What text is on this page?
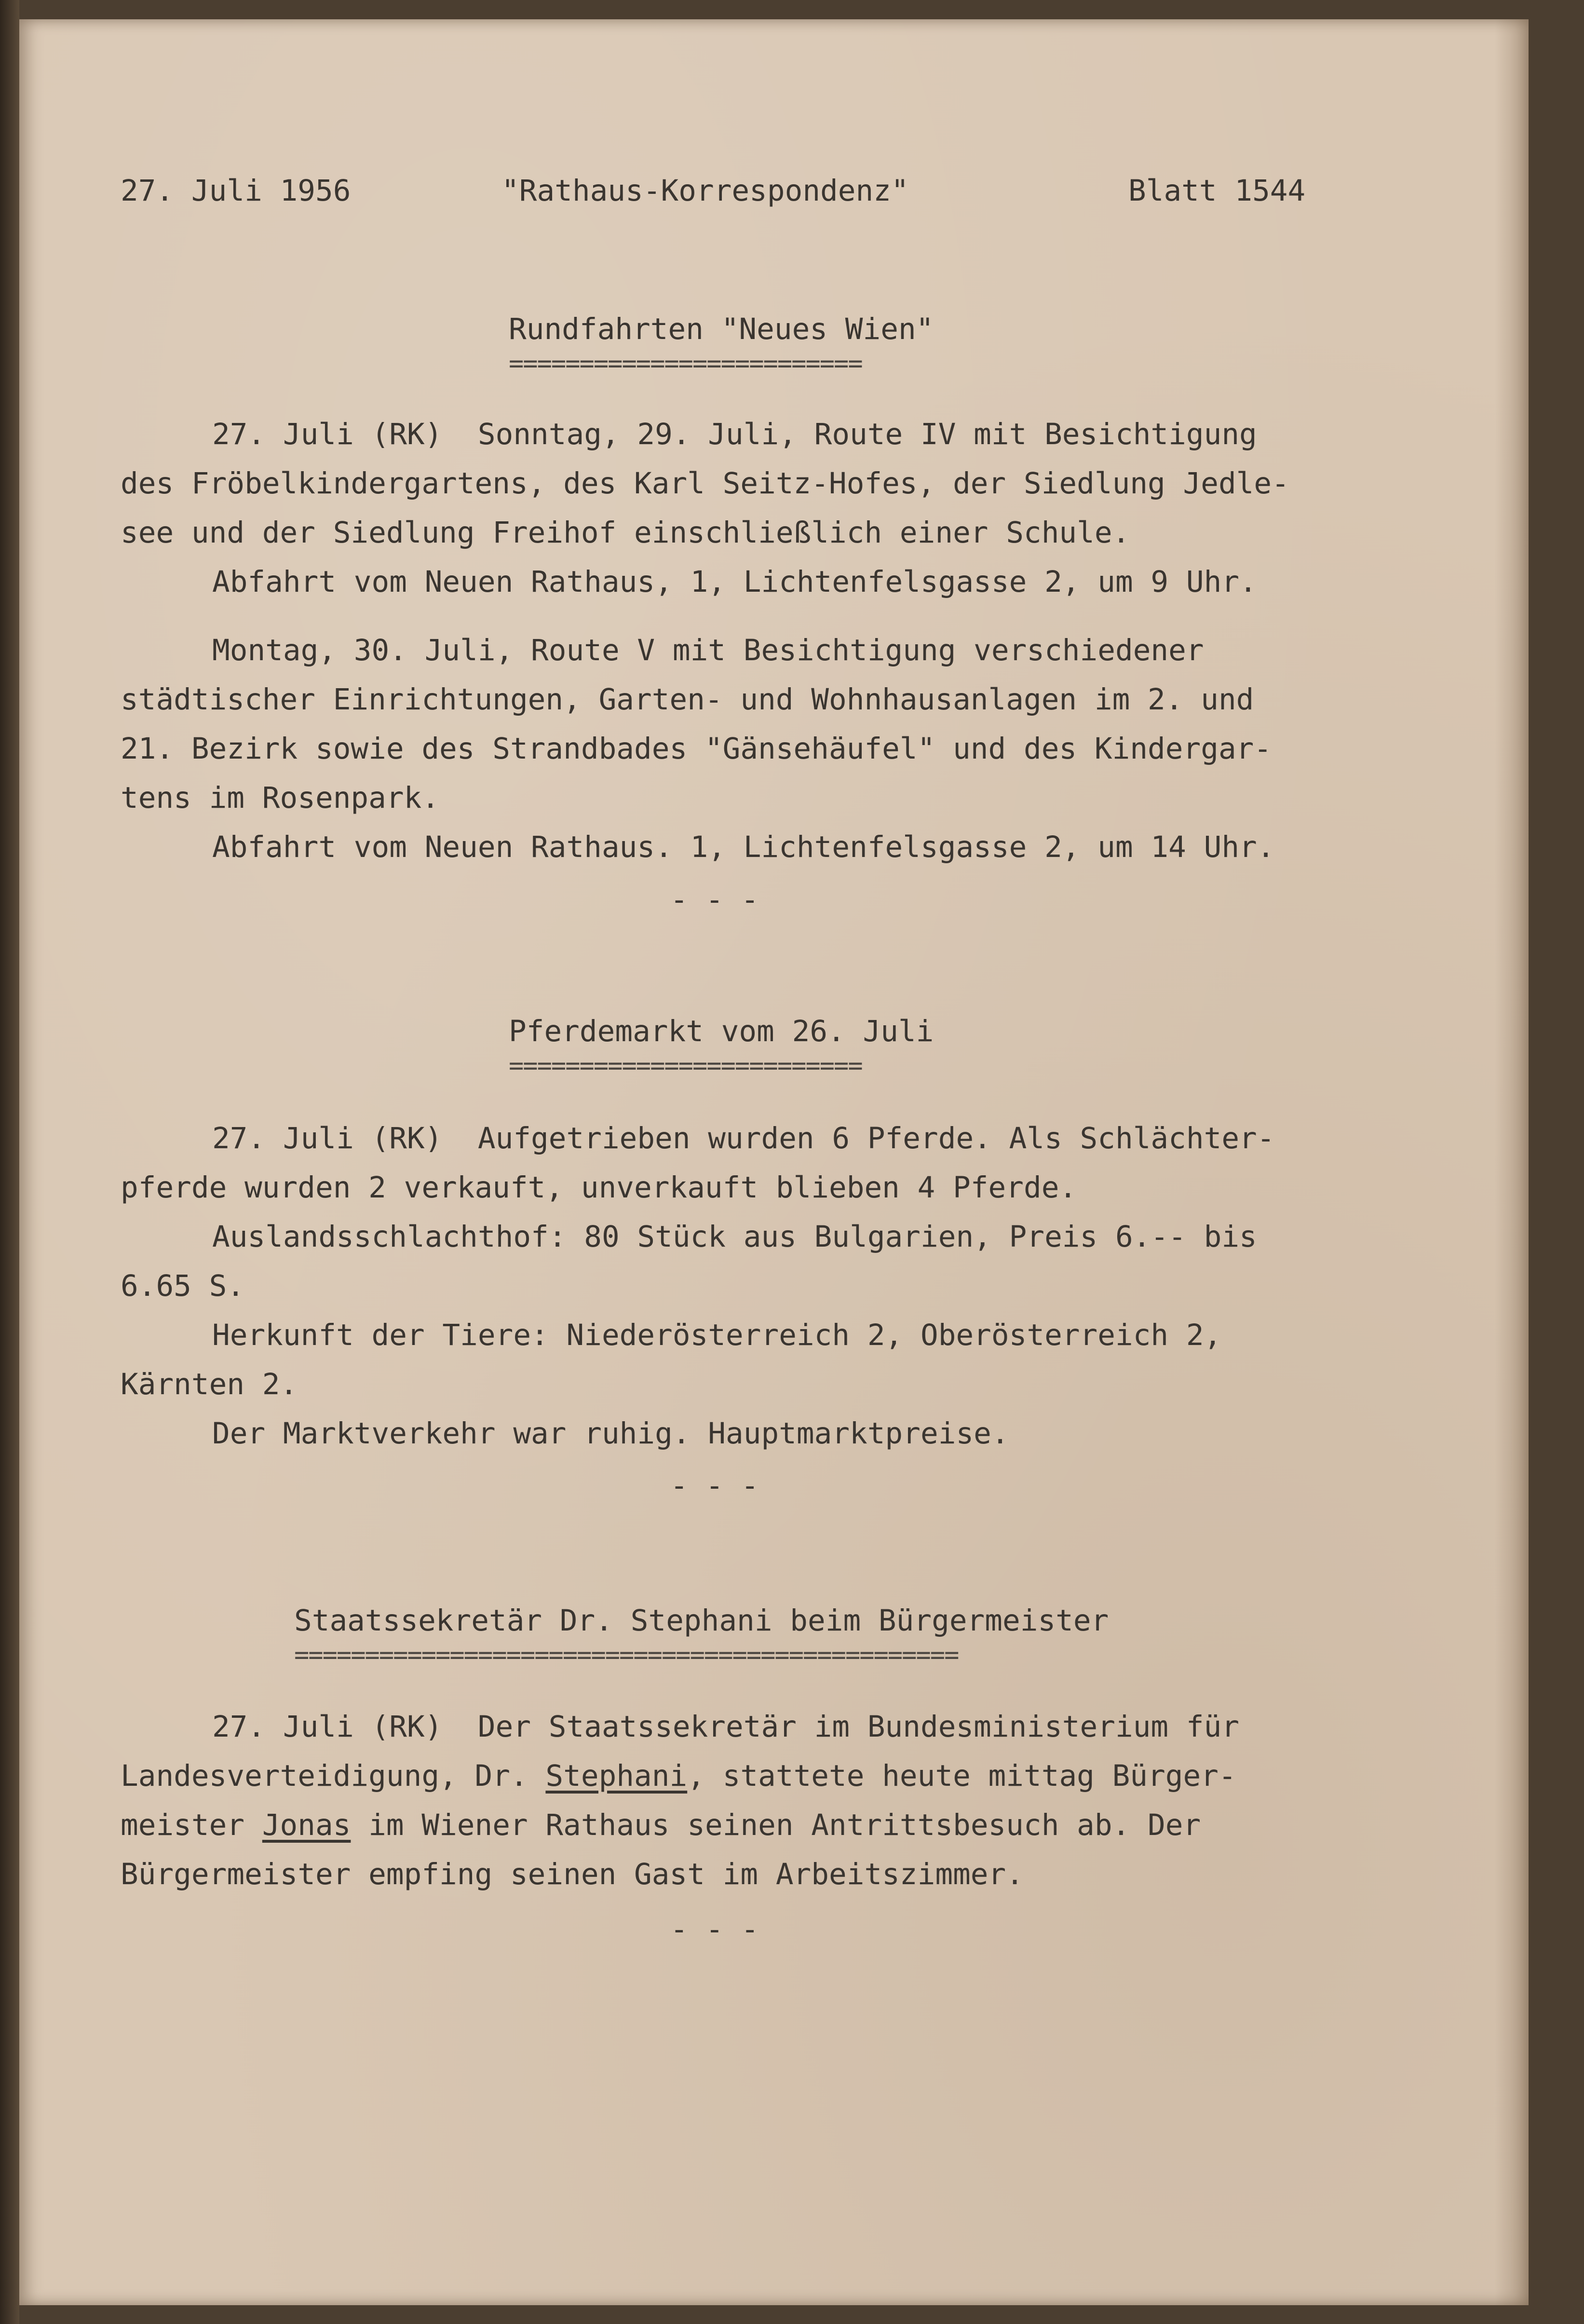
27. Juli 1956	"Rathaus-Korrespondenz"	Blatt 1544
Rundfahrten "Neues Wien"
=========================
27. Juli (RK)  Sonntag, 29. Juli, Route IV mit Besichtigung
des Fröbelkindergartens, des Karl Seitz-Hofes, der Siedlung Jedle-
see und der Siedlung Freihof einschließlich einer Schule.
Abfahrt vom Neuen Rathaus, 1, Lichtenfelsgasse 2, um 9 Uhr.
Montag, 30. Juli, Route V mit Besichtigung verschiedener
städtischer Einrichtungen, Garten- und Wohnhausanlagen im 2. und
21. Bezirk sowie des Strandbades "Gänsehäufel" und des Kindergar-
tens im Rosenpark.
Abfahrt vom Neuen Rathaus. 1, Lichtenfelsgasse 2, um 14 Uhr.
- - -
Pferdemarkt vom 26. Juli
=========================
27. Juli (RK)  Aufgetrieben wurden 6 Pferde. Als Schlächter-
pferde wurden 2 verkauft, unverkauft blieben 4 Pferde.
Auslandsschlachthof: 80 Stück aus Bulgarien, Preis 6.-- bis
6.65 S.
Herkunft der Tiere: Niederösterreich 2, Oberösterreich 2,
Kärnten 2.
Der Marktverkehr war ruhig. Hauptmarktpreise.
- - -
Staatssekretär Dr. Stephani beim Bürgermeister
===============================================
27. Juli (RK)  Der Staatssekretär im Bundesministerium für
Landesverteidigung, Dr. Stephani, stattete heute mittag Bürger-
meister Jonas im Wiener Rathaus seinen Antrittsbesuch ab. Der
Bürgermeister empfing seinen Gast im Arbeitszimmer.
- - -
